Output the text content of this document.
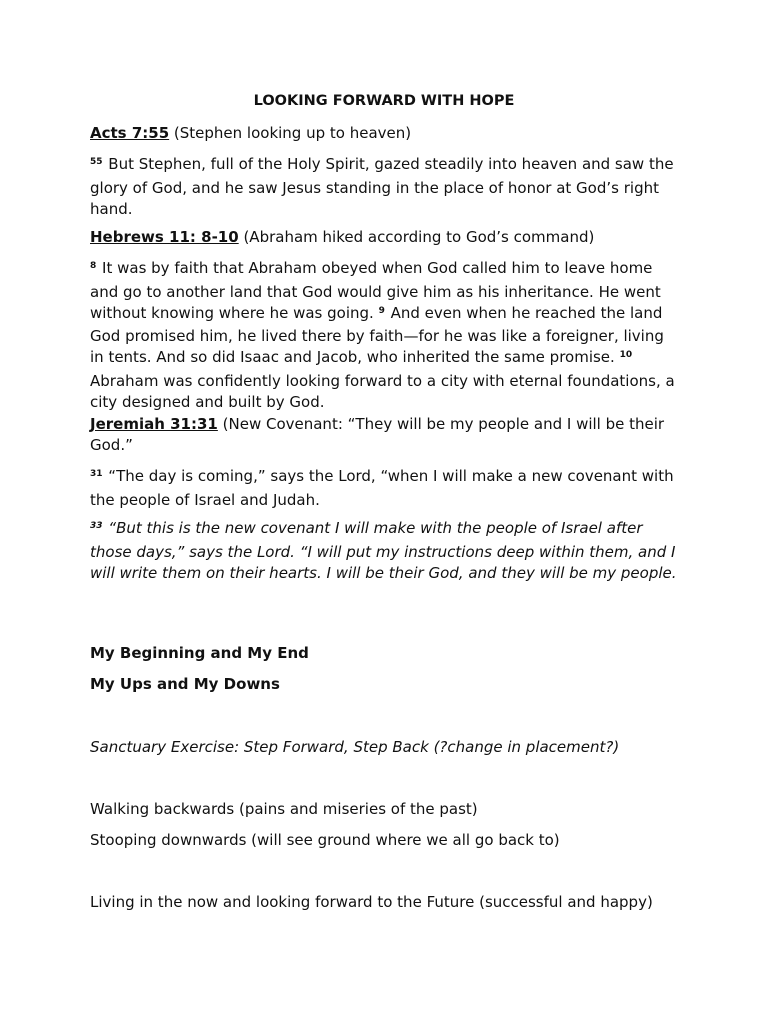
LOOKING FORWARD WITH HOPE

Acts 7:55 (Stephen looking up to heaven)

$^{55}$ But Stephen, full of the Holy Spirit, gazed steadily into heaven and saw the glory of God, and he saw Jesus standing in the place of honor at God’s right hand.

Hebrews 11: 8-10 (Abraham hiked according to God’s command)

$^8$ It was by faith that Abraham obeyed when God called him to leave home and go to another land that God would give him as his inheritance. He went without knowing where he was going. $^9$ And even when he reached the land God promised him, he lived there by faith—for he was like a foreigner, living in tents. And so did Isaac and Jacob, who inherited the same promise. $^{10}$ Abraham was confidently looking forward to a city with eternal foundations, a city designed and built by God.

Jeremiah 31:31 (New Covenant: “They will be my people and I will be their God.”

$^{31}$ “The day is coming,” says the Lord, “when I will make a new covenant with the people of Israel and Judah.

$^{33}$ “But this is the new covenant I will make with the people of Israel after those days,” says the Lord. “I will put my instructions deep within them, and I will write them on their hearts. I will be their God, and they will be my people.

My Beginning and My End

My Ups and My Downs

Sanctuary Exercise: Step Forward, Step Back (?change in placement?)

Walking backwards (pains and miseries of the past)

Stooping downwards (will see ground where we all go back to)

Living in the now and looking forward to the Future (successful and happy)
